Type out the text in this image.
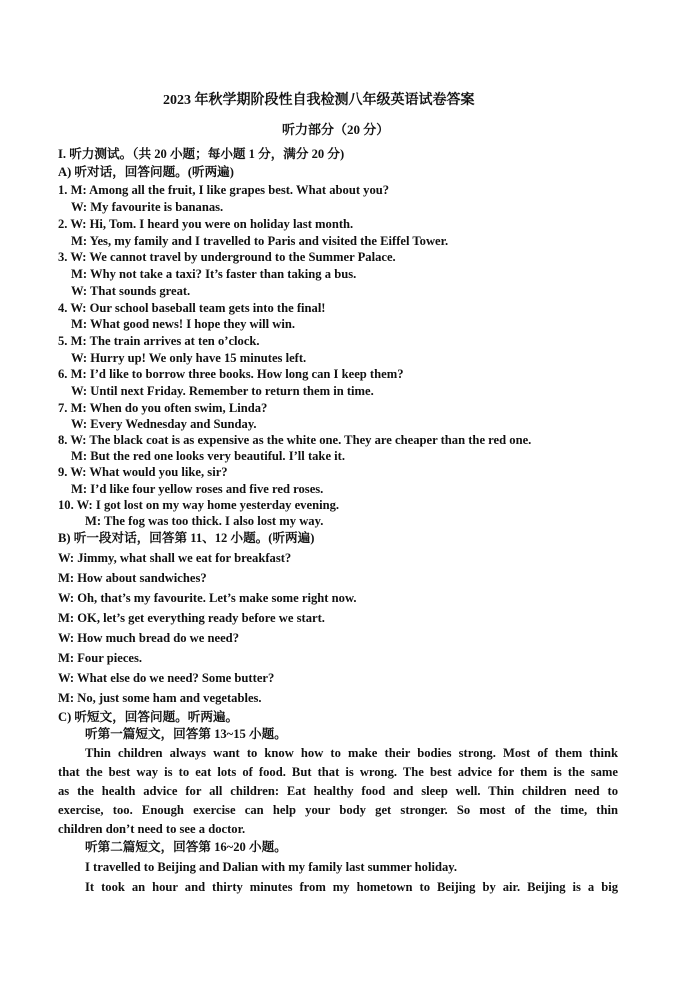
2023 年秋学期阶段性自我检测八年级英语试卷答案
听力部分（20 分）
I. 听力测试。（共 20 小题；每小题 1 分，满分 20 分)
A) 听对话，回答问题。(听两遍)
1. M: Among all the fruit, I like grapes best. What about you?
W: My favourite is bananas.
2. W: Hi, Tom. I heard you were on holiday last month.
M: Yes, my family and I travelled to Paris and visited the Eiffel Tower.
3. W: We cannot travel by underground to the Summer Palace.
M: Why not take a taxi? It’s faster than taking a bus.
W: That sounds great.
4. W: Our school baseball team gets into the final!
M: What good news! I hope they will win.
5. M: The train arrives at ten o’clock.
W: Hurry up! We only have 15 minutes left.
6. M: I’d like to borrow three books. How long can I keep them?
W: Until next Friday. Remember to return them in time.
7. M: When do you often swim, Linda?
W: Every Wednesday and Sunday.
8. W: The black coat is as expensive as the white one. They are cheaper than the red one.
M: But the red one looks very beautiful. I’ll take it.
9. W: What would you like, sir?
M: I’d like four yellow roses and five red roses.
10. W: I got lost on my way home yesterday evening.
M: The fog was too thick. I also lost my way.
B) 听一段对话，回答第 11、12 小题。(听两遍)
W: Jimmy, what shall we eat for breakfast?
M: How about sandwiches?
W: Oh, that’s my favourite. Let’s make some right now.
M: OK, let’s get everything ready before we start.
W: How much bread do we need?
M: Four pieces.
W: What else do we need? Some butter?
M: No, just some ham and vegetables.
C) 听短文，回答问题。听两遍。
听第一篇短文，回答第 13~15 小题。
Thin children always want to know how to make their bodies strong. Most of them think
that the best way is to eat lots of food. But that is wrong. The best advice for them is the same
as the health advice for all children: Eat healthy food and sleep well. Thin children need to
exercise, too. Enough exercise can help your body get stronger. So most of the time, thin
children don’t need to see a doctor.
听第二篇短文，回答第 16~20 小题。
I travelled to Beijing and Dalian with my family last summer holiday.
It took an hour and thirty minutes from my hometown to Beijing by air. Beijing is a big
